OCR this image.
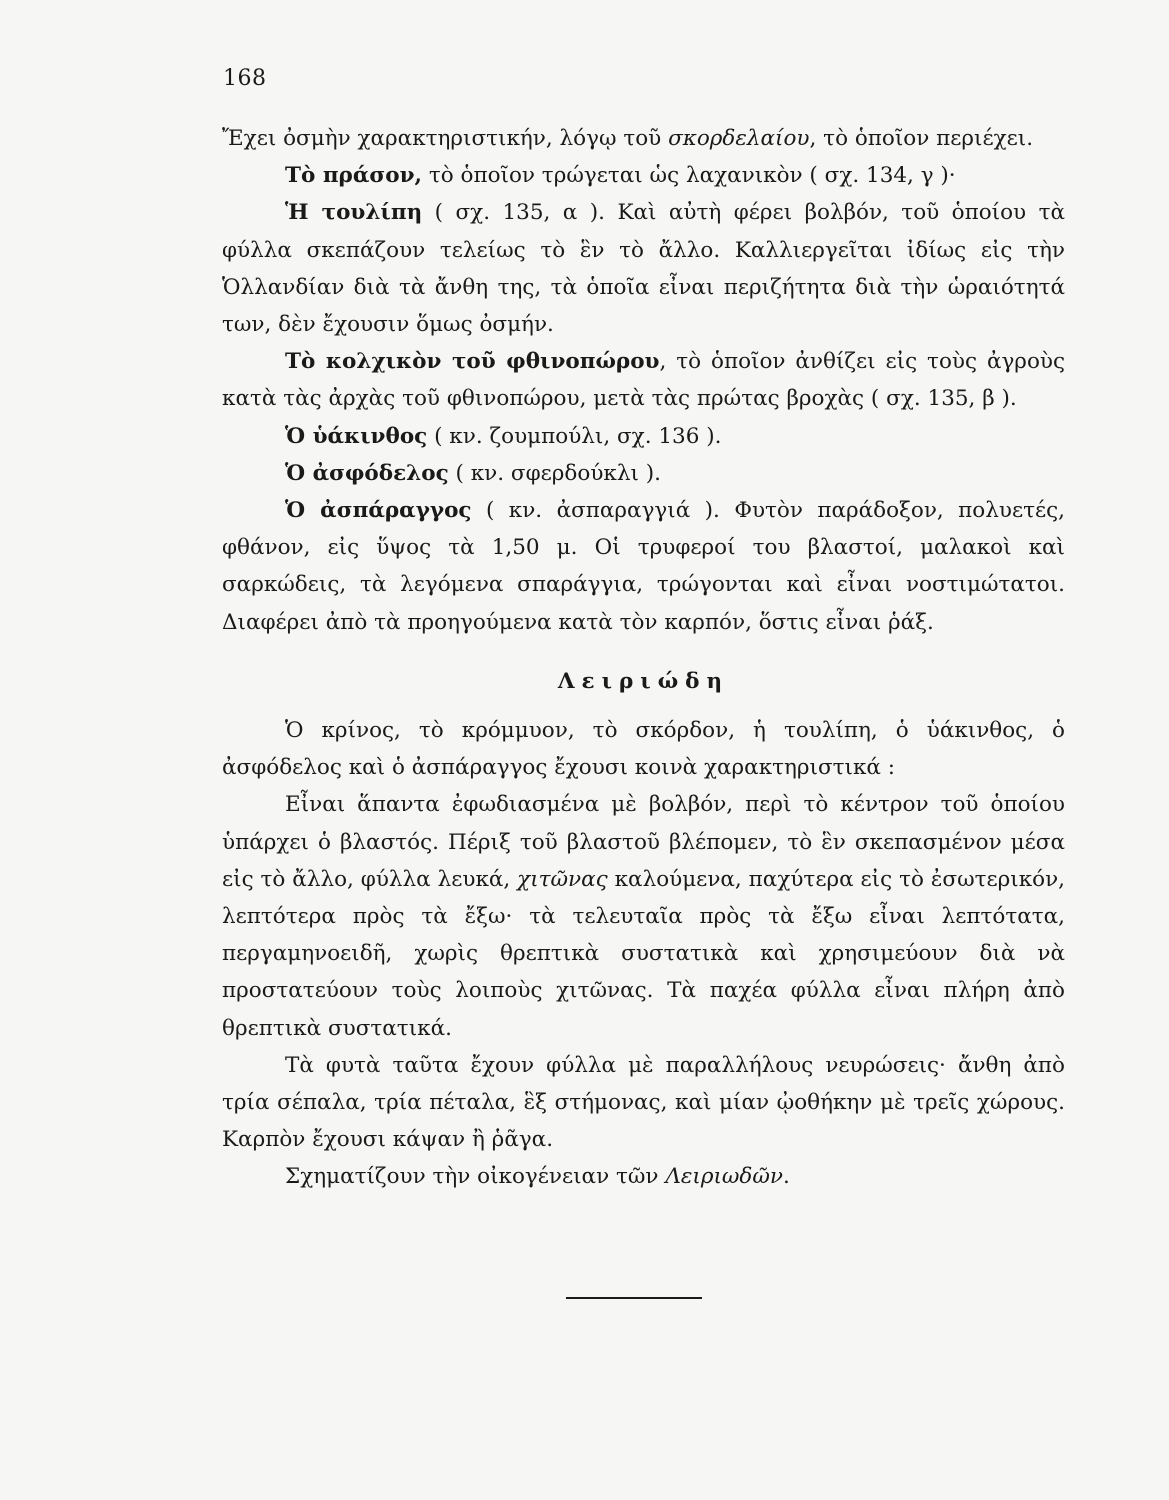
168

Ἔχει ὀσμὴν χαρακτηριστικήν, λόγῳ τοῦ σκορδελαίου, τὸ ὁποῖον περιέχει.

Τὸ πράσον, τὸ ὁποῖον τρώγεται ὡς λαχανικὸν ( σχ. 134, γ )·

Ἡ τουλίπη ( σχ. 135, α ). Καὶ αὐτὴ φέρει βολβόν, τοῦ ὁποίου τὰ φύλλα σκεπάζουν τελείως τὸ ἓν τὸ ἄλλο. Καλλιεργεῖται ἰδίως εἰς τὴν Ὁλλανδίαν διὰ τὰ ἄνθη της, τὰ ὁποῖα εἶναι περιζήτητα διὰ τὴν ὡραιότητά των, δὲν ἔχουσιν ὅμως ὀσμήν.

Τὸ κολχικὸν τοῦ φθινοπώρου, τὸ ὁποῖον ἀνθίζει εἰς τοὺς ἀγροὺς κατὰ τὰς ἀρχὰς τοῦ φθινοπώρου, μετὰ τὰς πρώτας βροχὰς ( σχ. 135, β ).

Ὁ ὑάκινθος ( κν. ζουμπούλι, σχ. 136 ).

Ὁ ἀσφόδελος ( κν. σφερδούκλι ).

Ὁ ἀσπάραγγος ( κν. ἀσπαραγγιά ). Φυτὸν παράδοξον, πολυετές, φθάνον, εἰς ὕψος τὰ 1,50 μ. Οἱ τρυφεροί του βλαστοί, μαλακοὶ καὶ σαρκώδεις, τὰ λεγόμενα σπαράγγια, τρώγονται καὶ εἶναι νοστιμώτατοι. Διαφέρει ἀπὸ τὰ προηγούμενα κατὰ τὸν καρπόν, ὅστις εἶναι ῥάξ.

Λειριώδη

Ὁ κρίνος, τὸ κρόμμυον, τὸ σκόρδον, ἡ τουλίπη, ὁ ὑάκινθος, ὁ ἀσφόδελος καὶ ὁ ἀσπάραγγος ἔχουσι κοινὰ χαρακτηριστικά :

Εἶναι ἅπαντα ἐφωδιασμένα μὲ βολβόν, περὶ τὸ κέντρον τοῦ ὁποίου ὑπάρχει ὁ βλαστός. Πέριξ τοῦ βλαστοῦ βλέπομεν, τὸ ἓν σκεπασμένον μέσα εἰς τὸ ἄλλο, φύλλα λευκά, χιτῶνας καλούμενα, παχύτερα εἰς τὸ ἐσωτερικόν, λεπτότερα πρὸς τὰ ἔξω· τὰ τελευταῖα πρὸς τὰ ἔξω εἶναι λεπτότατα, περγαμηνοειδῆ, χωρὶς θρεπτικὰ συστατικὰ καὶ χρησιμεύουν διὰ νὰ προστατεύουν τοὺς λοιποὺς χιτῶνας. Τὰ παχέα φύλλα εἶναι πλήρη ἀπὸ θρεπτικὰ συστατικά.

Τὰ φυτὰ ταῦτα ἔχουν φύλλα μὲ παραλλήλους νευρώσεις· ἄνθη ἀπὸ τρία σέπαλα, τρία πέταλα, ἓξ στήμονας, καὶ μίαν ᾠοθήκην μὲ τρεῖς χώρους. Καρπὸν ἔχουσι κάψαν ἢ ῥᾶγα.

Σχηματίζουν τὴν οἰκογένειαν τῶν Λειριωδῶν.
